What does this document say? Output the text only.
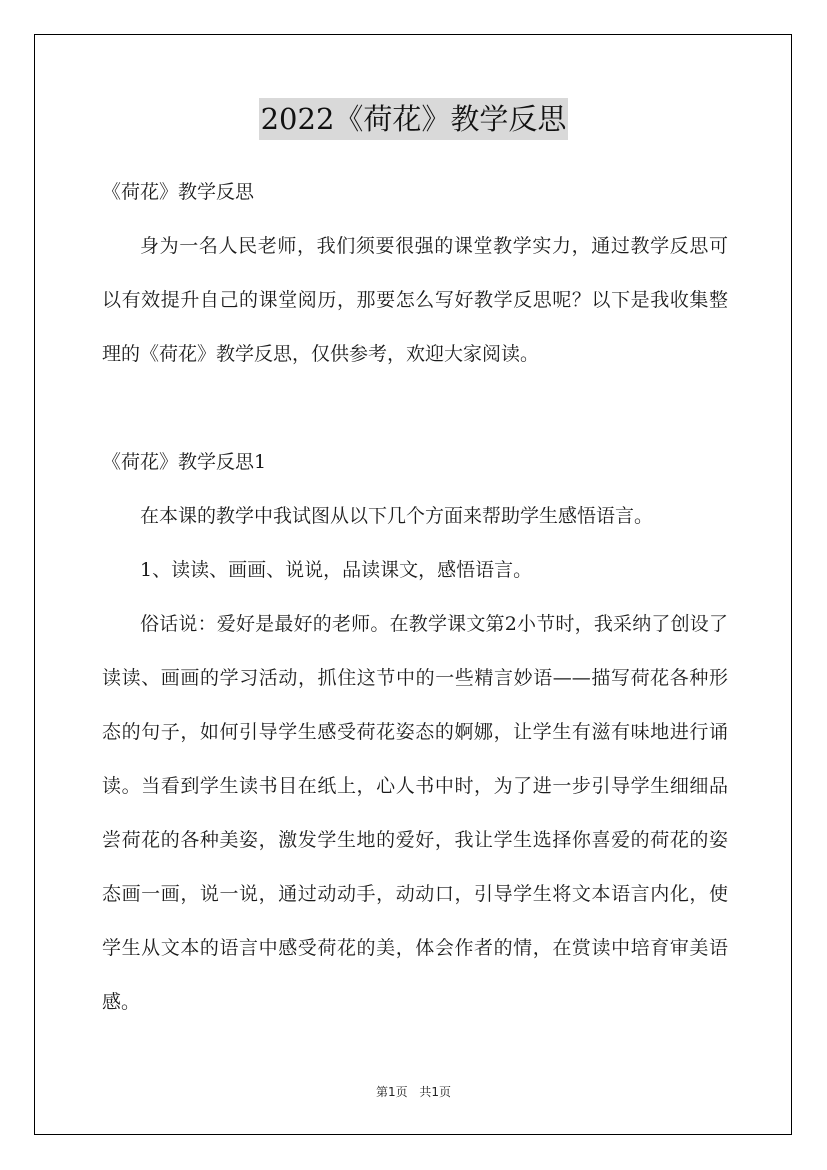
2022《荷花》教学反思

《荷花》教学反思

身为一名人民老师，我们须要很强的课堂教学实力，通过教学反思可以有效提升自己的课堂阅历，那要怎么写好教学反思呢？以下是我收集整理的《荷花》教学反思，仅供参考，欢迎大家阅读。

《荷花》教学反思1

在本课的教学中我试图从以下几个方面来帮助学生感悟语言。

1、读读、画画、说说，品读课文，感悟语言。

俗话说：爱好是最好的老师。在教学课文第2小节时，我采纳了创设了读读、画画的学习活动，抓住这节中的一些精言妙语——描写荷花各种形态的句子，如何引导学生感受荷花姿态的婀娜，让学生有滋有味地进行诵读。当看到学生读书目在纸上，心人书中时，为了进一步引导学生细细品尝荷花的各种美姿，激发学生地的爱好，我让学生选择你喜爱的荷花的姿态画一画，说一说，通过动动手，动动口，引导学生将文本语言内化，使学生从文本的语言中感受荷花的美，体会作者的情，在赏读中培育审美语感。

第1页 共1页
